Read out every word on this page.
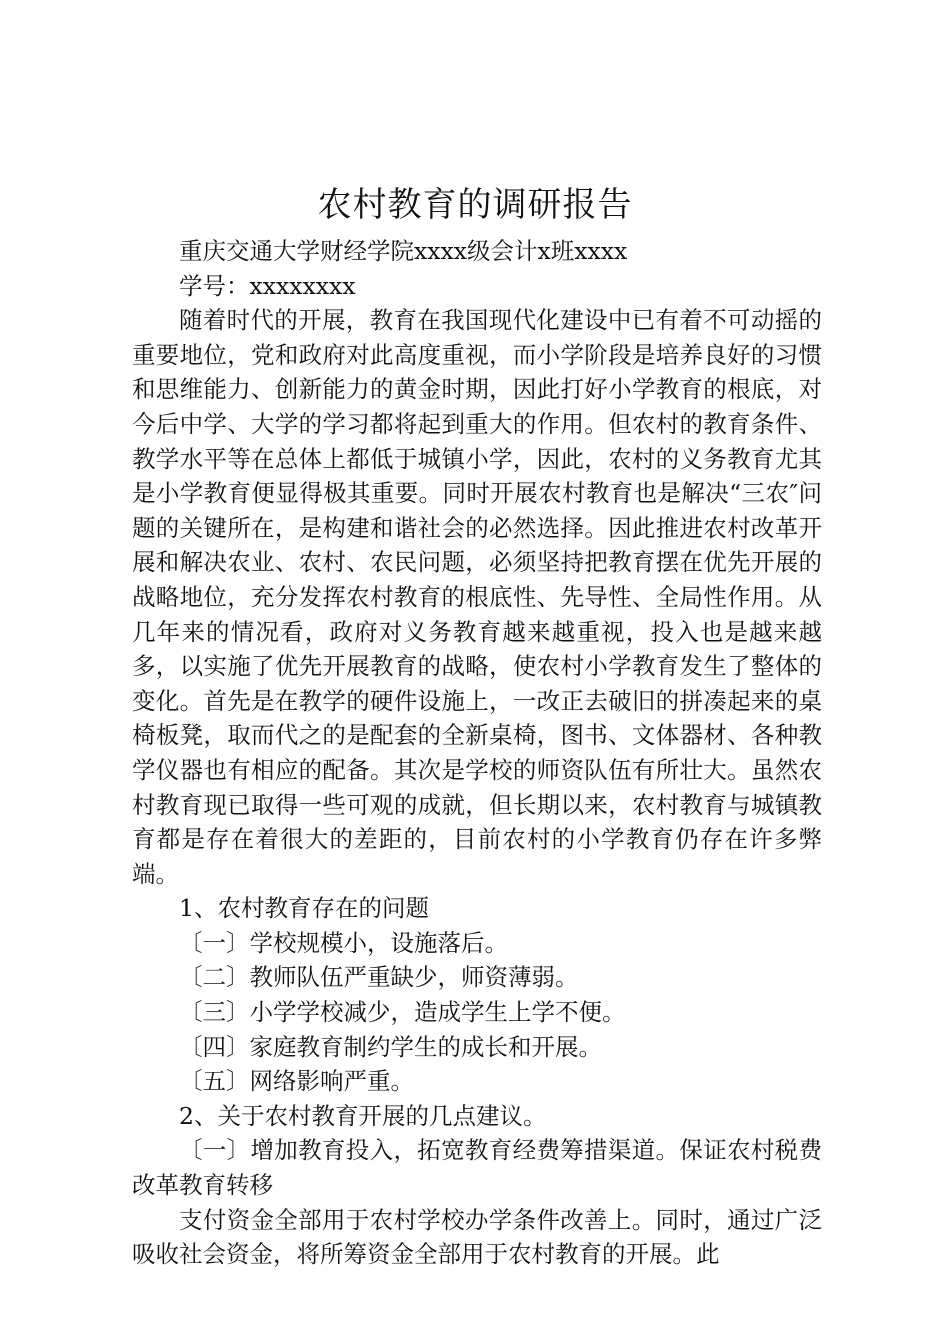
农村教育的调研报告

重庆交通大学财经学院xxxx级会计x班xxxx

学号：xxxxxxxx

随着时代的开展，教育在我国现代化建设中已有着不可动摇的重要地位，党和政府对此高度重视，而小学阶段是培养良好的习惯和思维能力、创新能力的黄金时期，因此打好小学教育的根底，对今后中学、大学的学习都将起到重大的作用。但农村的教育条件、教学水平等在总体上都低于城镇小学，因此，农村的义务教育尤其是小学教育便显得极其重要。同时开展农村教育也是解决“三农″问题的关键所在，是构建和谐社会的必然选择。因此推进农村改革开展和解决农业、农村、农民问题，必须坚持把教育摆在优先开展的战略地位，充分发挥农村教育的根底性、先导性、全局性作用。从几年来的情况看，政府对义务教育越来越重视，投入也是越来越多，以实施了优先开展教育的战略，使农村小学教育发生了整体的变化。首先是在教学的硬件设施上，一改正去破旧的拼凑起来的桌椅板凳，取而代之的是配套的全新桌椅，图书、文体器材、各种教学仪器也有相应的配备。其次是学校的师资队伍有所壮大。虽然农村教育现已取得一些可观的成就，但长期以来，农村教育与城镇教育都是存在着很大的差距的，目前农村的小学教育仍存在许多弊端。

1、农村教育存在的问题

〔一〕学校规模小，设施落后。

〔二〕教师队伍严重缺少，师资薄弱。

〔三〕小学学校减少，造成学生上学不便。

〔四〕家庭教育制约学生的成长和开展。

〔五〕网络影响严重。

2、关于农村教育开展的几点建议。

〔一〕增加教育投入，拓宽教育经费筹措渠道。保证农村税费改革教育转移

支付资金全部用于农村学校办学条件改善上。同时，通过广泛吸收社会资金，将所筹资金全部用于农村教育的开展。此
